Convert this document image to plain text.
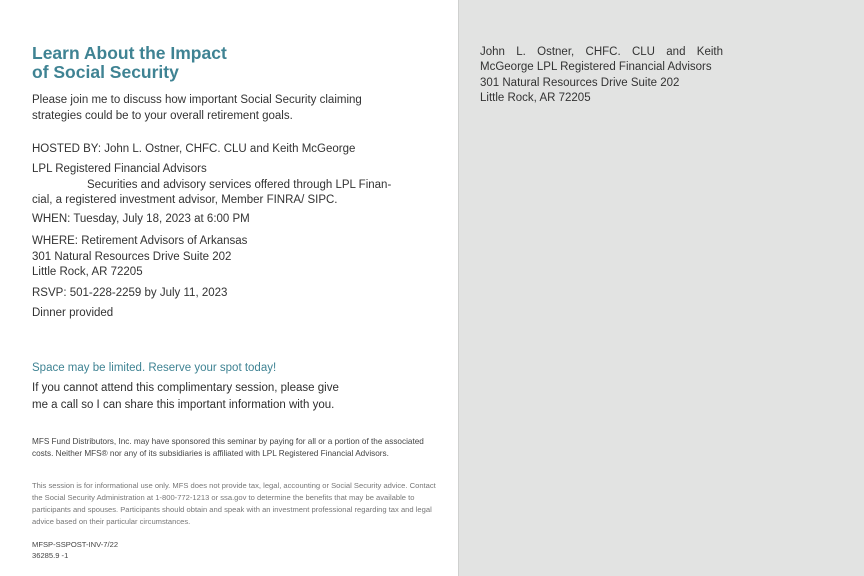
Learn About the Impact
of Social Security
Please join me to discuss how important Social Security claiming
strategies could be to your overall retirement goals.
HOSTED BY: John L. Ostner, CHFC. CLU and Keith McGeorge
LPL Registered Financial Advisors
Securities and advisory services offered through LPL Finan-
cial, a registered investment advisor, Member FINRA/ SIPC.
WHEN: Tuesday, July 18, 2023 at 6:00 PM
WHERE: Retirement Advisors of Arkansas
301 Natural Resources Drive Suite 202
Little Rock, AR 72205
RSVP: 501-228-2259 by July 11, 2023
Dinner provided
Space may be limited. Reserve your spot today!
If you cannot attend this complimentary session, please give
me a call so I can share this important information with you.
MFS Fund Distributors, Inc. may have sponsored this seminar by paying for all or a portion of the associated costs. Neither MFS® nor any of its subsidiaries is affiliated with LPL Registered Financial Advisors.
This session is for informational use only. MFS does not provide tax, legal, accounting or Social Security advice. Contact the Social Security Administration at 1-800-772-1213 or ssa.gov to determine the benefits that may be available to participants and spouses. Participants should obtain and speak with an investment professional regarding tax and legal advice based on their particular circumstances.
MFSP-SSPOST-INV-7/22
36285.9 -1
John L. Ostner, CHFC. CLU and Keith
McGeorge LPL Registered Financial Advisors
301 Natural Resources Drive Suite 202
Little Rock, AR 72205
